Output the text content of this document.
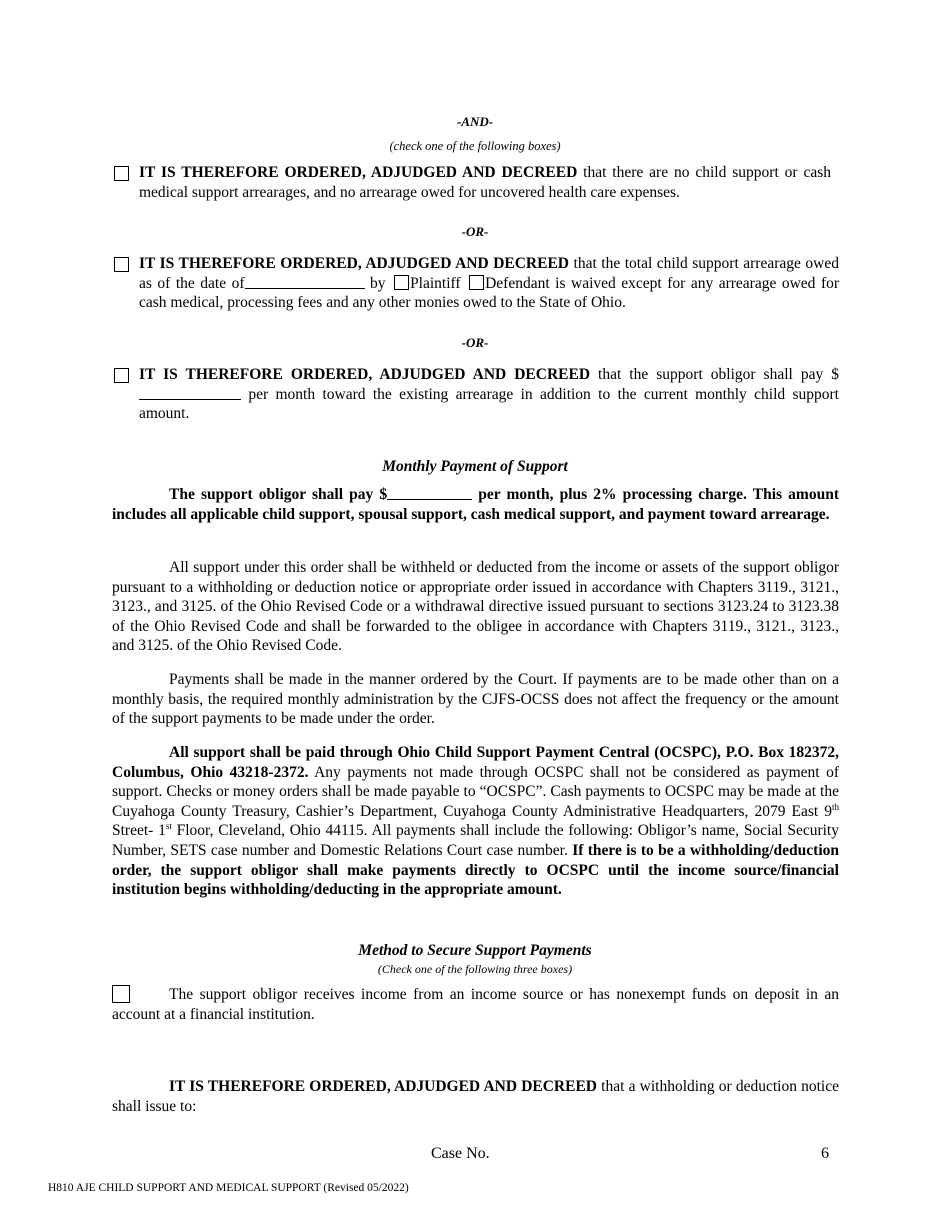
-AND-
(check one of the following boxes)

IT IS THEREFORE ORDERED, ADJUDGED AND DECREED that there are no child support or cash medical support arrearages, and no arrearage owed for uncovered health care expenses.

-OR-

IT IS THEREFORE ORDERED, ADJUDGED AND DECREED that the total child support arrearage owed as of the date of	by Plaintiff Defendant is waived except for any arrearage owed for cash medical, processing fees and any other monies owed to the State of Ohio.

-OR-

IT IS THEREFORE ORDERED, ADJUDGED AND DECREED that the support obligor shall pay $ per month toward the existing arrearage in addition to the current monthly child support amount.

Monthly Payment of Support

The support obligor shall pay $	per month, plus 2% processing charge. This amount includes all applicable child support, spousal support, cash medical support, and payment toward arrearage.

All support under this order shall be withheld or deducted from the income or assets of the support obligor pursuant to a withholding or deduction notice or appropriate order issued in accordance with Chapters 3119., 3121., 3123., and 3125. of the Ohio Revised Code or a withdrawal directive issued pursuant to sections 3123.24 to 3123.38 of the Ohio Revised Code and shall be forwarded to the obligee in accordance with Chapters 3119., 3121., 3123., and 3125. of the Ohio Revised Code.

Payments shall be made in the manner ordered by the Court. If payments are to be made other than on a monthly basis, the required monthly administration by the CJFS-OCSS does not affect the frequency or the amount of the support payments to be made under the order.

All support shall be paid through Ohio Child Support Payment Central (OCSPC), P.O. Box 182372, Columbus, Ohio 43218-2372. Any payments not made through OCSPC shall not be considered as payment of support. Checks or money orders shall be made payable to “OCSPC”. Cash payments to OCSPC may be made at the Cuyahoga County Treasury, Cashier’s Department, Cuyahoga County Administrative Headquarters, 2079 East 9th Street- 1st Floor, Cleveland, Ohio 44115. All payments shall include the following: Obligor’s name, Social Security Number, SETS case number and Domestic Relations Court case number. If there is to be a withholding/deduction order, the support obligor shall make payments directly to OCSPC until the income source/financial institution begins withholding/deducting in the appropriate amount.

Method to Secure Support Payments
(Check one of the following three boxes)

The support obligor receives income from an income source or has nonexempt funds on deposit in an account at a financial institution.

IT IS THEREFORE ORDERED, ADJUDGED AND DECREED that a withholding or deduction notice shall issue to:

Case No.	6
H810 AJE CHILD SUPPORT AND MEDICAL SUPPORT (Revised 05/2022)
